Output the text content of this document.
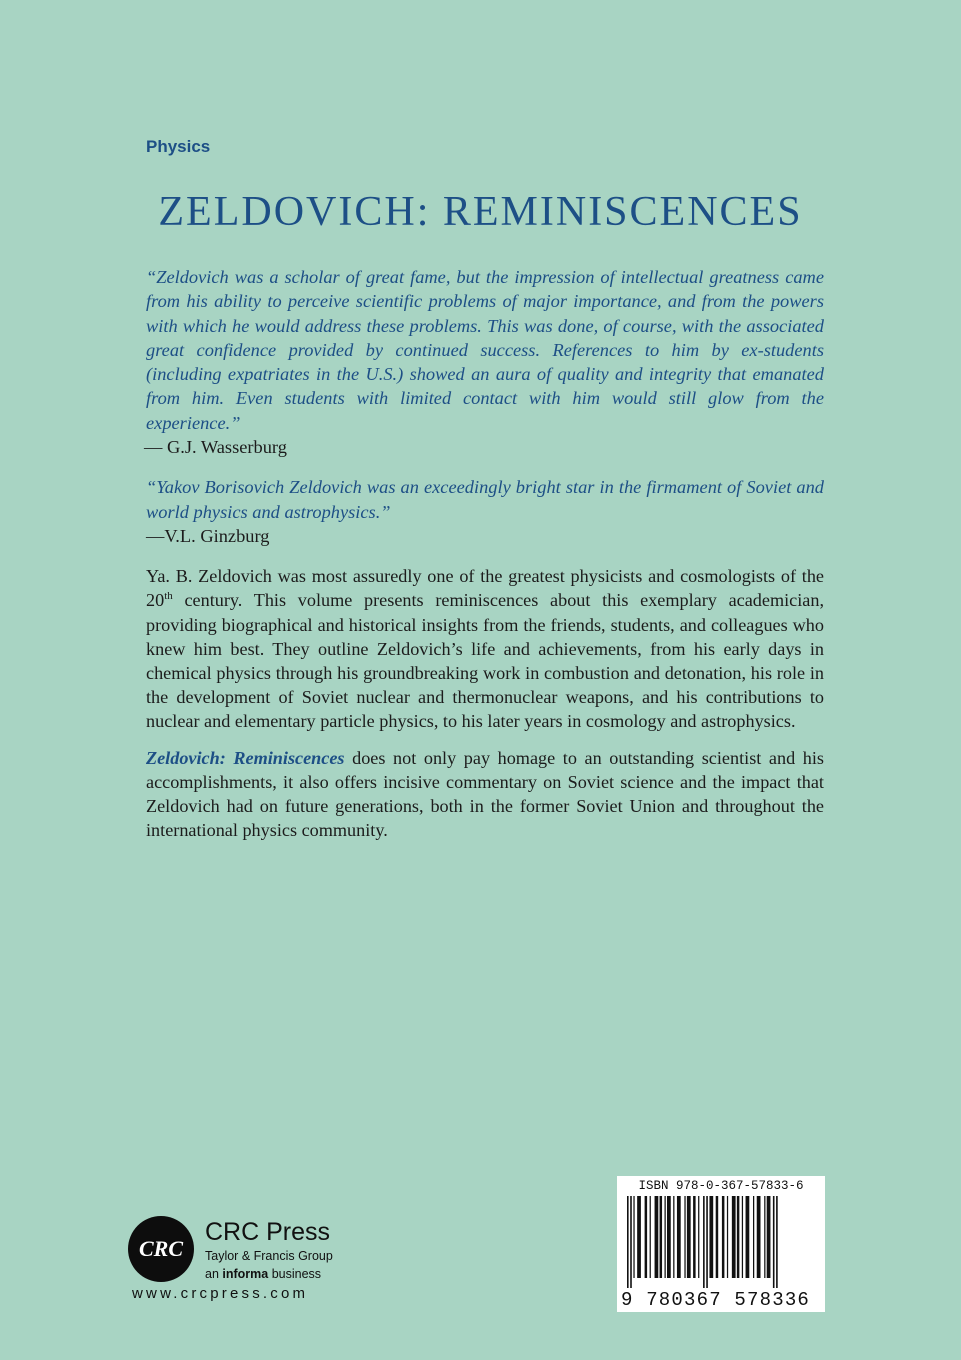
Physics
ZELDOVICH: REMINISCENCES

“Zeldovich was a scholar of great fame, but the impression of intellectual greatness came from his ability to perceive scientific problems of major importance, and from the powers with which he would address these problems. This was done, of course, with the associated great confidence provided by continued success. References to him by ex-students (including expatriates in the U.S.) showed an aura of quality and integrity that emanated from him. Even students with limited contact with him would still glow from the experience.”

— G.J. Wasserburg

“Yakov Borisovich Zeldovich was an exceedingly bright star in the firmament of Soviet and world physics and astrophysics.”

—V.L. Ginzburg

Ya. B. Zeldovich was most assuredly one of the greatest physicists and cosmologists of the 20th century. This volume presents reminiscences about this exemplary academician, providing biographical and historical insights from the friends, students, and colleagues who knew him best. They outline Zeldovich’s life and achievements, from his early days in chemical physics through his groundbreaking work in combustion and detonation, his role in the development of Soviet nuclear and thermonuclear weapons, and his contributions to nuclear and elementary particle physics, to his later years in cosmology and astrophysics.

Zeldovich: Reminiscences does not only pay homage to an outstanding scientist and his accomplishments, it also offers incisive commentary on Soviet science and the impact that Zeldovich had on future generations, both in the former Soviet Union and throughout the international physics community.

CRC
CRC Press
Taylor & Francis Group
an informa business
www.crcpress.com
ISBN 978-0-367-57833-6
9 780367 578336
